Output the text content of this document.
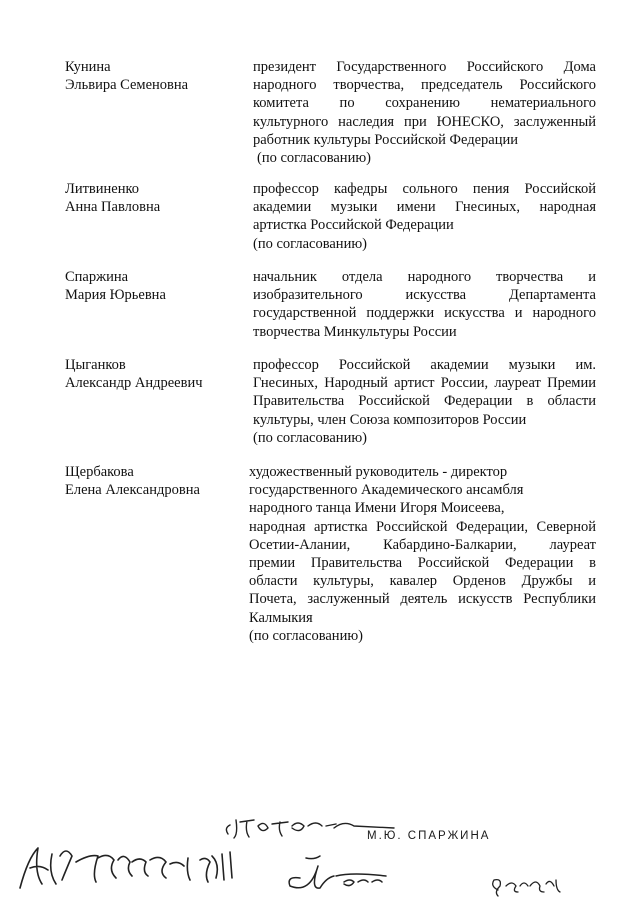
Кунина
Эльвира Семеновна
президент Государственного Российского Дома
народного творчества, председатель Российского
комитета по сохранению нематериального
культурного наследия при ЮНЕСКО, заслуженный
работник культуры Российской Федерации
(по согласованию)
Литвиненко
Анна Павловна
профессор кафедры сольного пения Российской
академии музыки имени Гнесиных, народная
артистка Российской Федерации
(по согласованию)
Спаржина
Мария Юрьевна
начальник отдела народного творчества и
изобразительного искусства Департамента
государственной поддержки искусства и народного
творчества Минкультуры России
Цыганков
Александр Андреевич
профессор Российской академии музыки им.
Гнесиных, Народный артист России, лауреат Премии
Правительства Российской Федерации в области
культуры, член Союза композиторов России
(по согласованию)
Щербакова
Елена Александровна
художественный руководитель - директор
государственного Академического ансамбля
народного танца Имени Игоря Моисеева,
народная артистка Российской Федерации, Северной
Осетии-Алании, Кабардино-Балкарии, лауреат
премии Правительства Российской Федерации в
области культуры, кавалер Орденов Дружбы и
Почета, заслуженный деятель искусств Республики
Калмыкия
(по согласованию)
М.Ю. СПАРЖИНА
